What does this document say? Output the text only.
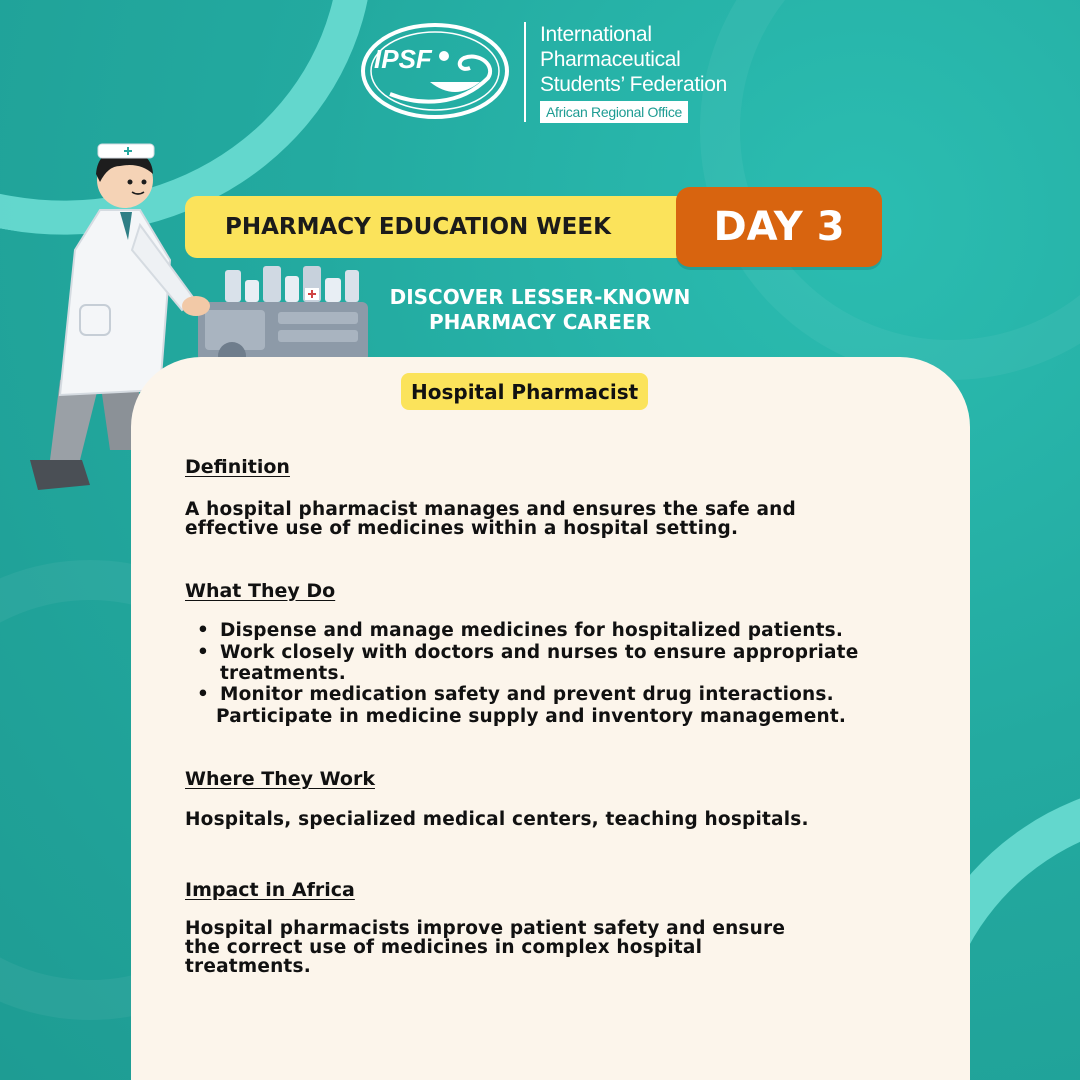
IPSF
International
Pharmaceutical
Students’ Federation
African Regional Office
PHARMACY EDUCATION WEEK	DAY 3
DISCOVER LESSER-KNOWN
PHARMACY CAREER
Hospital Pharmacist
Definition
A hospital pharmacist manages and ensures the safe and
effective use of medicines within a hospital setting.
What They Do
• Dispense and manage medicines for hospitalized patients.
• Work closely with doctors and nurses to ensure appropriate
treatments.
• Monitor medication safety and prevent drug interactions.
Participate in medicine supply and inventory management.
Where They Work
Hospitals, specialized medical centers, teaching hospitals.
Impact in Africa
Hospital pharmacists improve patient safety and ensure
the correct use of medicines in complex hospital
treatments.
